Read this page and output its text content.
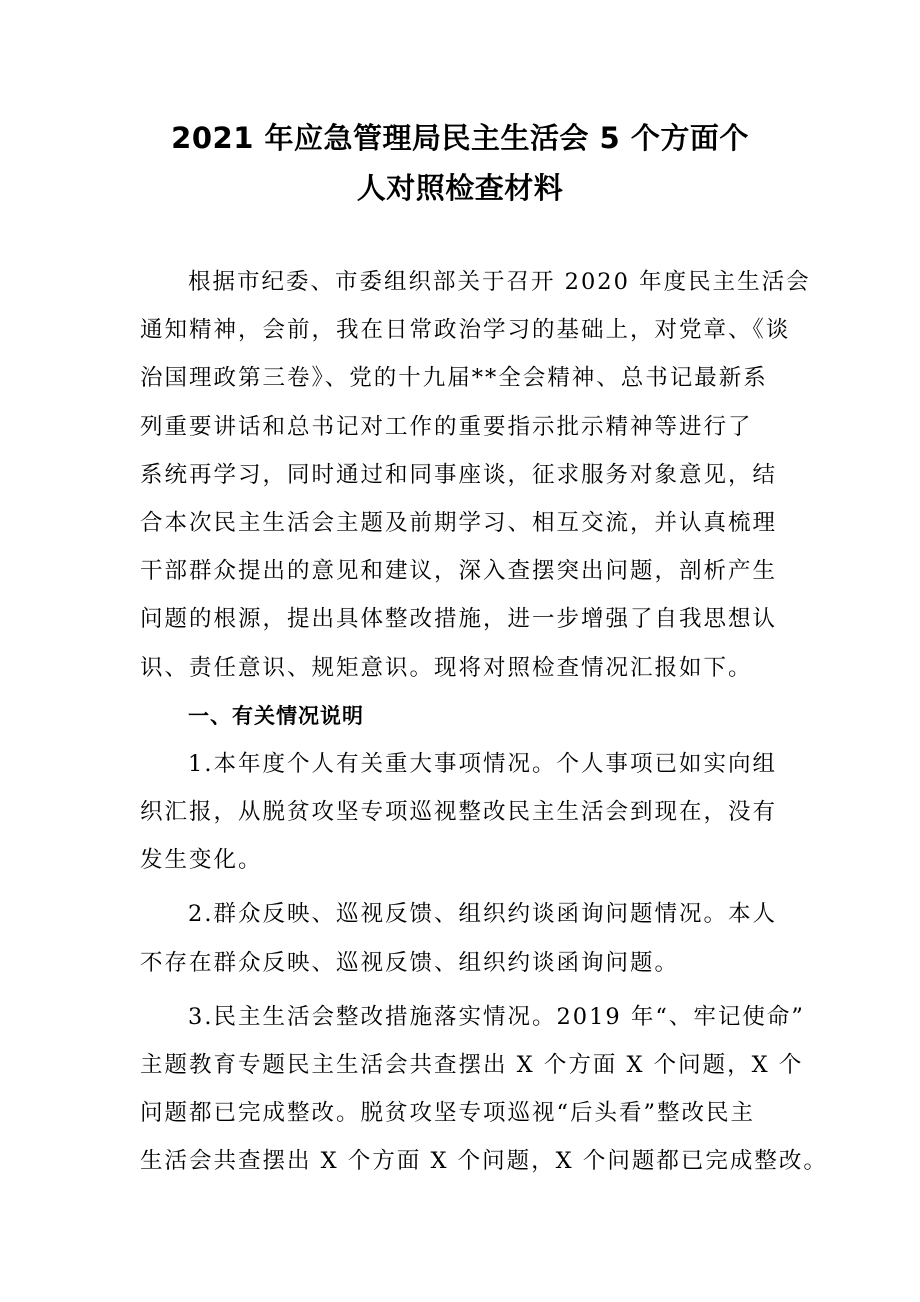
2021 年应急管理局民主生活会 5 个方面个
人对照检查材料
根据市纪委、市委组织部关于召开 2020 年度民主生活会
通知精神，会前，我在日常政治学习的基础上，对党章、《谈
治国理政第三卷》、党的十九届**全会精神、总书记最新系
列重要讲话和总书记对工作的重要指示批示精神等进行了
系统再学习，同时通过和同事座谈，征求服务对象意见，结
合本次民主生活会主题及前期学习、相互交流，并认真梳理
干部群众提出的意见和建议，深入查摆突出问题，剖析产生
问题的根源，提出具体整改措施，进一步增强了自我思想认
识、责任意识、规矩意识。现将对照检查情况汇报如下。
一、有关情况说明
1.本年度个人有关重大事项情况。个人事项已如实向组
织汇报，从脱贫攻坚专项巡视整改民主生活会到现在，没有
发生变化。
2.群众反映、巡视反馈、组织约谈函询问题情况。本人
不存在群众反映、巡视反馈、组织约谈函询问题。
3.民主生活会整改措施落实情况。2019 年“、牢记使命”
主题教育专题民主生活会共查摆出 X 个方面 X 个问题，X 个
问题都已完成整改。脱贫攻坚专项巡视“后头看”整改民主
生活会共查摆出 X 个方面 X 个问题，X 个问题都已完成整改。
